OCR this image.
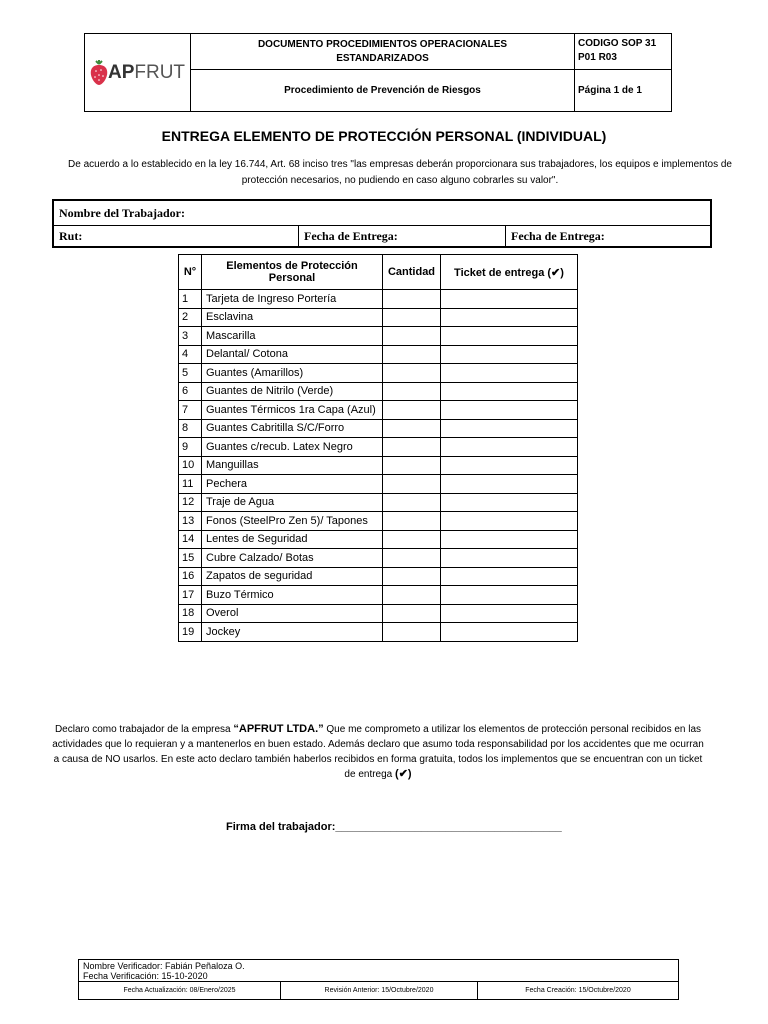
AP FRUT
DOCUMENTO PROCEDIMIENTOS OPERACIONALES
ESTANDARIZADOS
Procedimiento de Prevención de Riesgos
CODIGO SOP 31
P01 R03
Página 1 de 1
ENTREGA ELEMENTO DE PROTECCIÓN PERSONAL (INDIVIDUAL)
De acuerdo a lo establecido en la ley 16.744, Art. 68 inciso tres "las empresas deberán proporcionara sus trabajadores, los equipos e implementos de protección necesarios, no pudiendo en caso alguno cobrarles su valor".
Nombre del Trabajador:
Rut:	Fecha de Entrega:	Fecha de Entrega:
N°	Elementos de Protección Personal	Cantidad	Ticket de entrega (✔)
1	Tarjeta de Ingreso Portería		
2	Esclavina		
3	Mascarilla		
4	Delantal/ Cotona		
5	Guantes (Amarillos)		
6	Guantes de Nitrilo (Verde)		
7	Guantes Térmicos 1ra Capa (Azul)		
8	Guantes Cabritilla S/C/Forro		
9	Guantes c/recub. Latex Negro		
10	Manguillas		
11	Pechera		
12	Traje de Agua		
13	Fonos (SteelPro Zen 5)/ Tapones		
14	Lentes de Seguridad		
15	Cubre Calzado/ Botas		
16	Zapatos de seguridad		
17	Buzo Térmico		
18	Overol		
19	Jockey		
Declaro como trabajador de la empresa “APFRUT LTDA.” Que me comprometo a utilizar los elementos de protección personal recibidos en las actividades que lo requieran y a mantenerlos en buen estado. Además declaro que asumo toda responsabilidad por los accidentes que me ocurran a causa de NO usarlos. En este acto declaro también haberlos recibidos en forma gratuita, todos los implementos que se encuentran con un ticket de entrega (✔)
Firma del trabajador:_____________________________________
Nombre Verificador: Fabián Peñaloza O.
Fecha Verificación: 15-10-2020
Fecha Actualización: 08/Enero/2025	Revisión Anterior: 15/Octubre/2020	Fecha Creación: 15/Octubre/2020
